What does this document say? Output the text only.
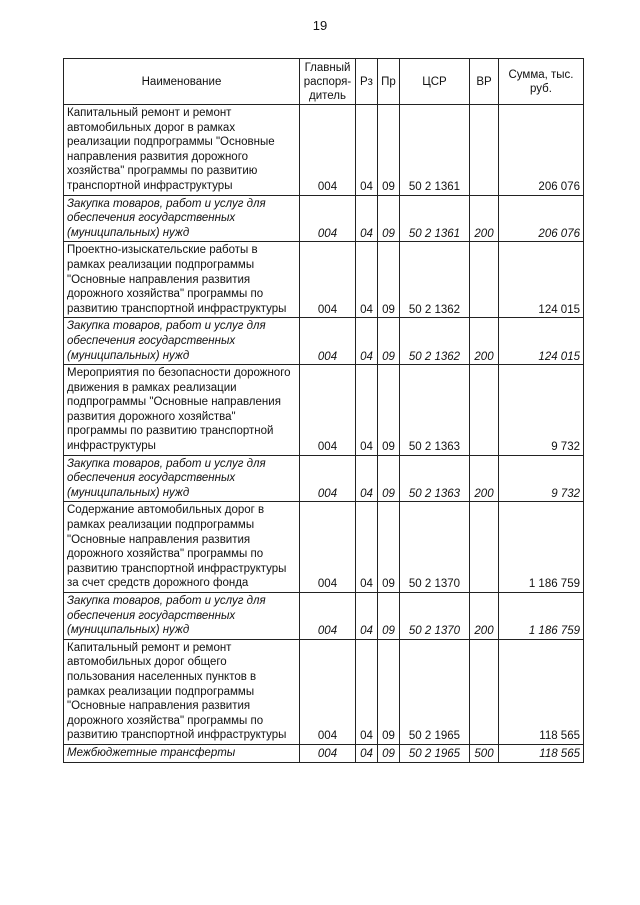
19
Наименование	Главный распоря-дитель	Рз	Пр	ЦСР	ВР	Сумма, тыс. руб.
Капитальный ремонт и ремонт автомобильных дорог в рамках реализации подпрограммы "Основные направления развития дорожного хозяйства" программы по развитию транспортной инфраструктуры	004	04	09	50 2 1361		206 076
Закупка товаров, работ и услуг для обеспечения государственных (муниципальных) нужд	004	04	09	50 2 1361	200	206 076
Проектно-изыскательские работы в рамках реализации подпрограммы "Основные направления развития дорожного хозяйства" программы по развитию транспортной инфраструктуры	004	04	09	50 2 1362		124 015
Закупка товаров, работ и услуг для обеспечения государственных (муниципальных) нужд	004	04	09	50 2 1362	200	124 015
Мероприятия по безопасности дорожного движения в рамках реализации подпрограммы "Основные направления развития дорожного хозяйства" программы по развитию транспортной инфраструктуры	004	04	09	50 2 1363		9 732
Закупка товаров, работ и услуг для обеспечения государственных (муниципальных) нужд	004	04	09	50 2 1363	200	9 732
Содержание автомобильных дорог в рамках реализации подпрограммы "Основные направления развития дорожного хозяйства" программы по развитию транспортной инфраструктуры за счет средств дорожного фонда	004	04	09	50 2 1370		1 186 759
Закупка товаров, работ и услуг для обеспечения государственных (муниципальных) нужд	004	04	09	50 2 1370	200	1 186 759
Капитальный ремонт и ремонт автомобильных дорог общего пользования населенных пунктов в рамках реализации подпрограммы "Основные направления развития дорожного хозяйства" программы по развитию транспортной инфраструктуры	004	04	09	50 2 1965		118 565
Межбюджетные трансферты	004	04	09	50 2 1965	500	118 565
